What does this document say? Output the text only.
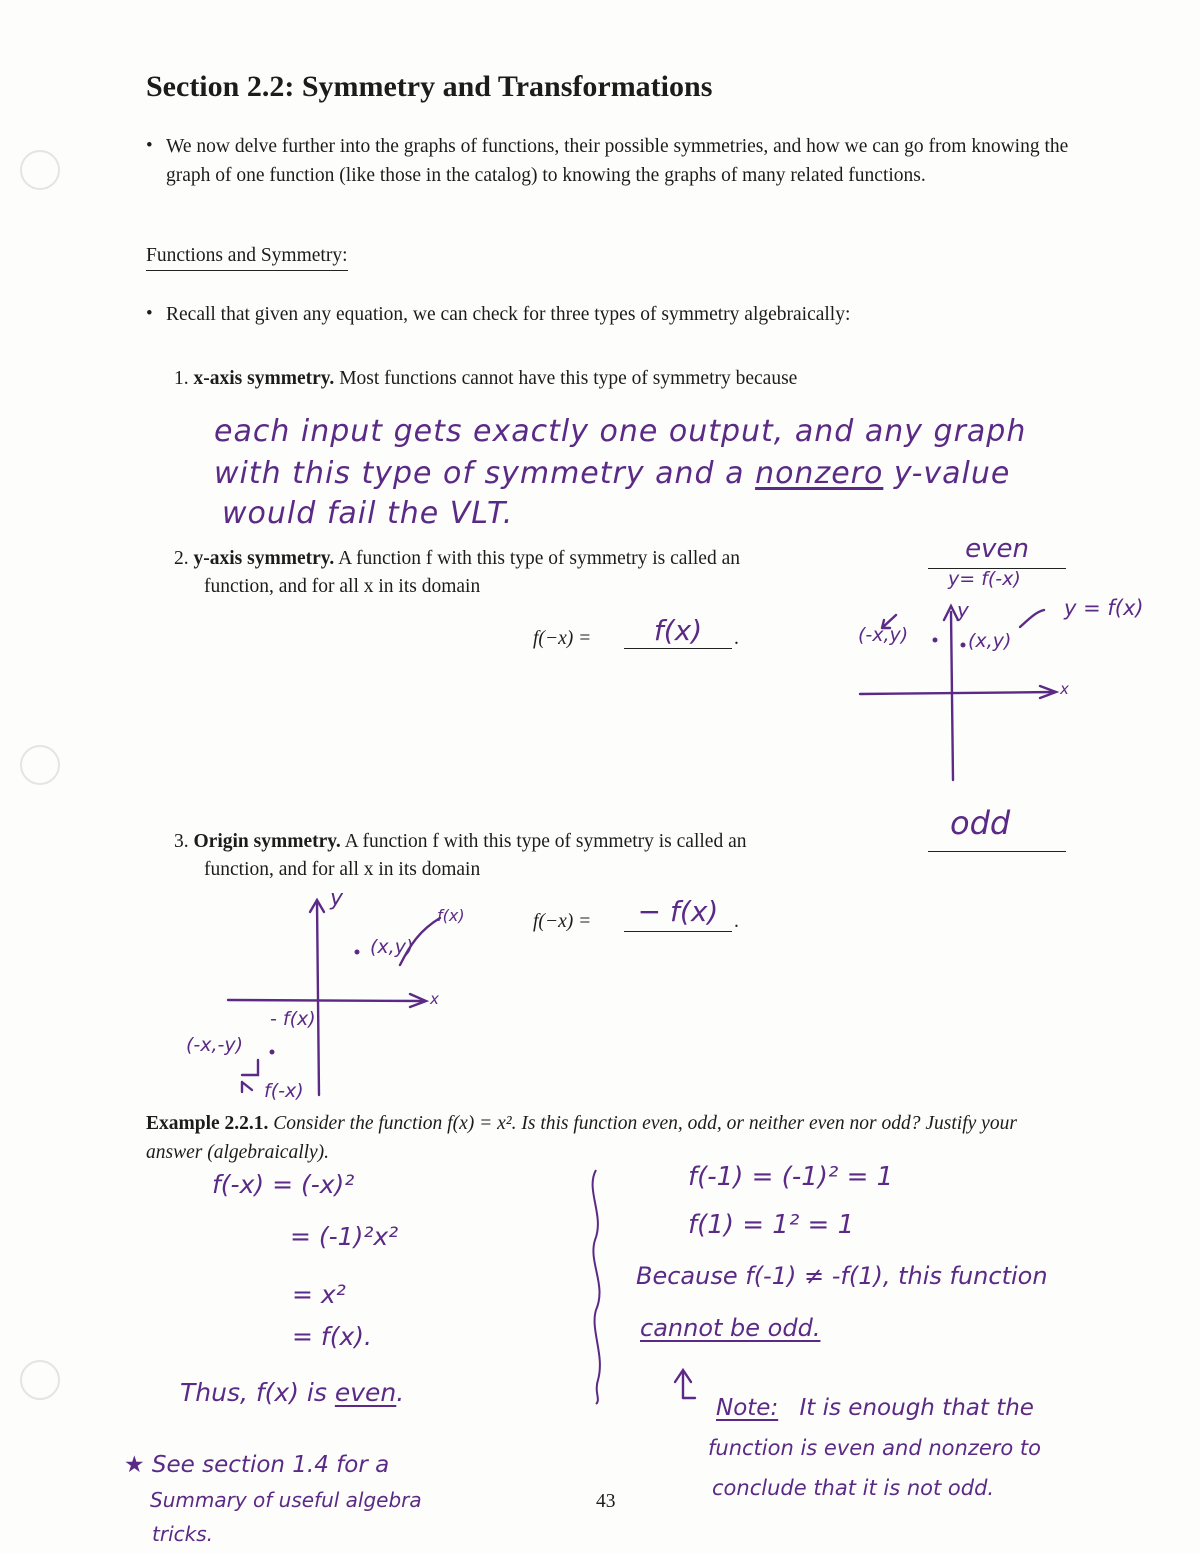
Section 2.2: Symmetry and Transformations
• We now delve further into the graphs of functions, their possible symmetries, and how we can go from knowing the graph of one function (like those in the catalog) to knowing the graphs of many related functions.
Functions and Symmetry:
• Recall that given any equation, we can check for three types of symmetry algebraically:
1. x-axis symmetry. Most functions cannot have this type of symmetry because
each input gets exactly one output, and any graph
with this type of symmetry and a nonzero y-value
would fail the VLT.
2. y-axis symmetry. A function f with this type of symmetry is called an	even
function, and for all x in its domain
f(−x) =	f(x)	.
y= f(-x)
(-x,y)	(x,y)
y = f(x)
y
x
3. Origin symmetry. A function f with this type of symmetry is called an	odd
function, and for all x in its domain
f(−x) =	− f(x) .
y
x
(x,y)
f(x)
(-x,-y)
- f(x)
f(-x)
Example 2.2.1. Consider the function f(x) = x². Is this function even, odd, or neither even nor odd? Justify your answer (algebraically).
f(-x) = (-x)²
= (-1)²x²
= x²
= f(x).
Thus, f(x) is even.
f(-1) = (-1)² = 1
f(1) = 1² = 1
Because f(-1) ≠ -f(1), this function
cannot be odd.
Note: It is enough that the
function is even and nonzero to
conclude that it is not odd.
★ See section 1.4 for a
Summary of useful algebra
tricks.
43
